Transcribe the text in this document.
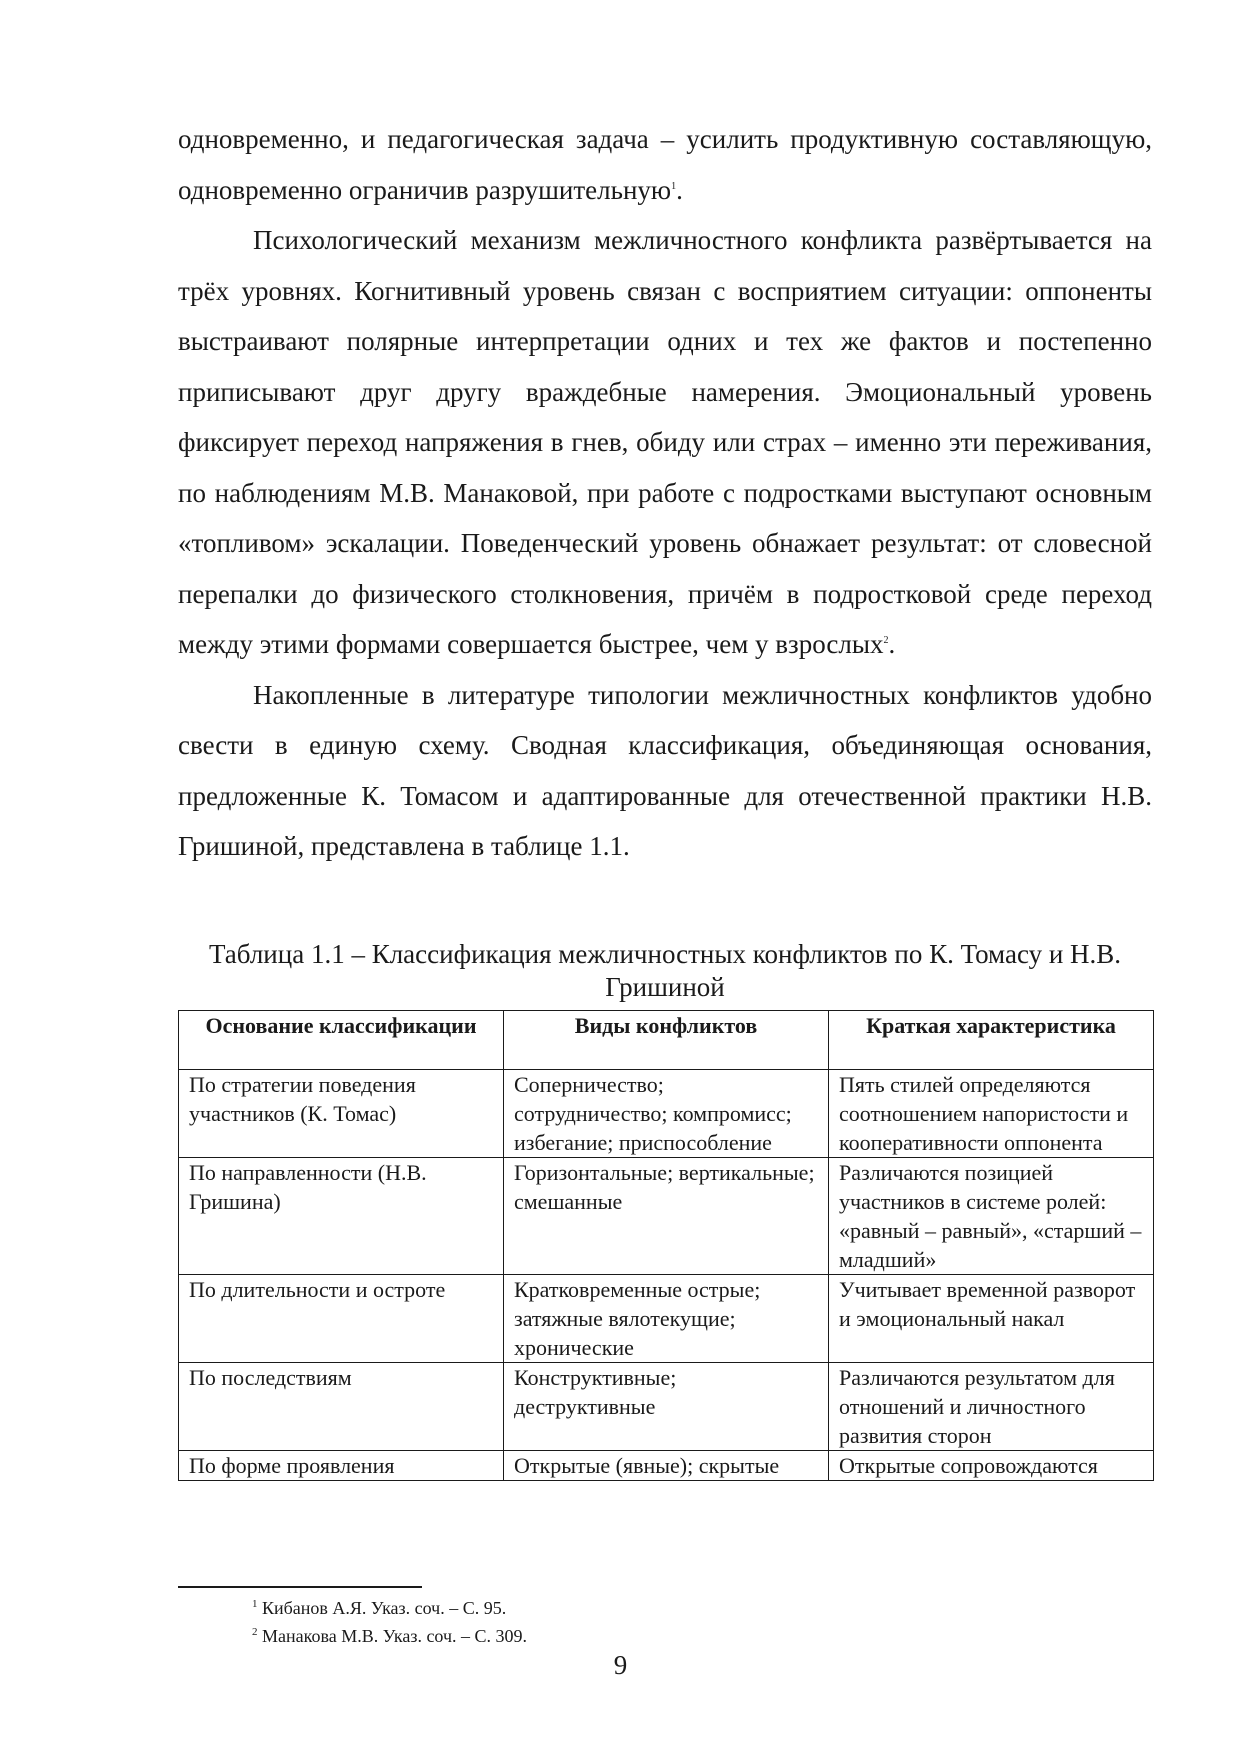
одновременно, и педагогическая задача – усилить продуктивную составляющую, одновременно ограничив разрушительную$^1$.

Психологический механизм межличностного конфликта развёртывается на трёх уровнях. Когнитивный уровень связан с восприятием ситуации: оппоненты выстраивают полярные интерпретации одних и тех же фактов и постепенно приписывают друг другу враждебные намерения. Эмоциональный уровень фиксирует переход напряжения в гнев, обиду или страх – именно эти переживания, по наблюдениям М.В. Манаковой, при работе с подростками выступают основным «топливом» эскалации. Поведенческий уровень обнажает результат: от словесной перепалки до физического столкновения, причём в подростковой среде переход между этими формами совершается быстрее, чем у взрослых$^2$.

Накопленные в литературе типологии межличностных конфликтов удобно свести в единую схему. Сводная классификация, объединяющая основания, предложенные К. Томасом и адаптированные для отечественной практики Н.В. Гришиной, представлена в таблице 1.1.

Таблица 1.1 – Классификация межличностных конфликтов по К. Томасу и Н.В. Гришиной
Основание классификации	Виды конфликтов	Краткая характеристика
По стратегии поведения участников (К. Томас)	Соперничество; сотрудничество; компромисс; избегание; приспособление	Пять стилей определяются соотношением напористости и кооперативности оппонента
По направленности (Н.В. Гришина)	Горизонтальные; вертикальные; смешанные	Различаются позицией участников в системе ролей: «равный – равный», «старший – младший»
По длительности и остроте	Кратковременные острые; затяжные вялотекущие; хронические	Учитывает временной разворот и эмоциональный накал
По последствиям	Конструктивные; деструктивные	Различаются результатом для отношений и личностного развития сторон
По форме проявления	Открытые (явные); скрытые	Открытые сопровождаются
$^1$ Кибанов А.Я. Указ. соч. – С. 95.
$^2$ Манакова М.В. Указ. соч. – С. 309.
9
